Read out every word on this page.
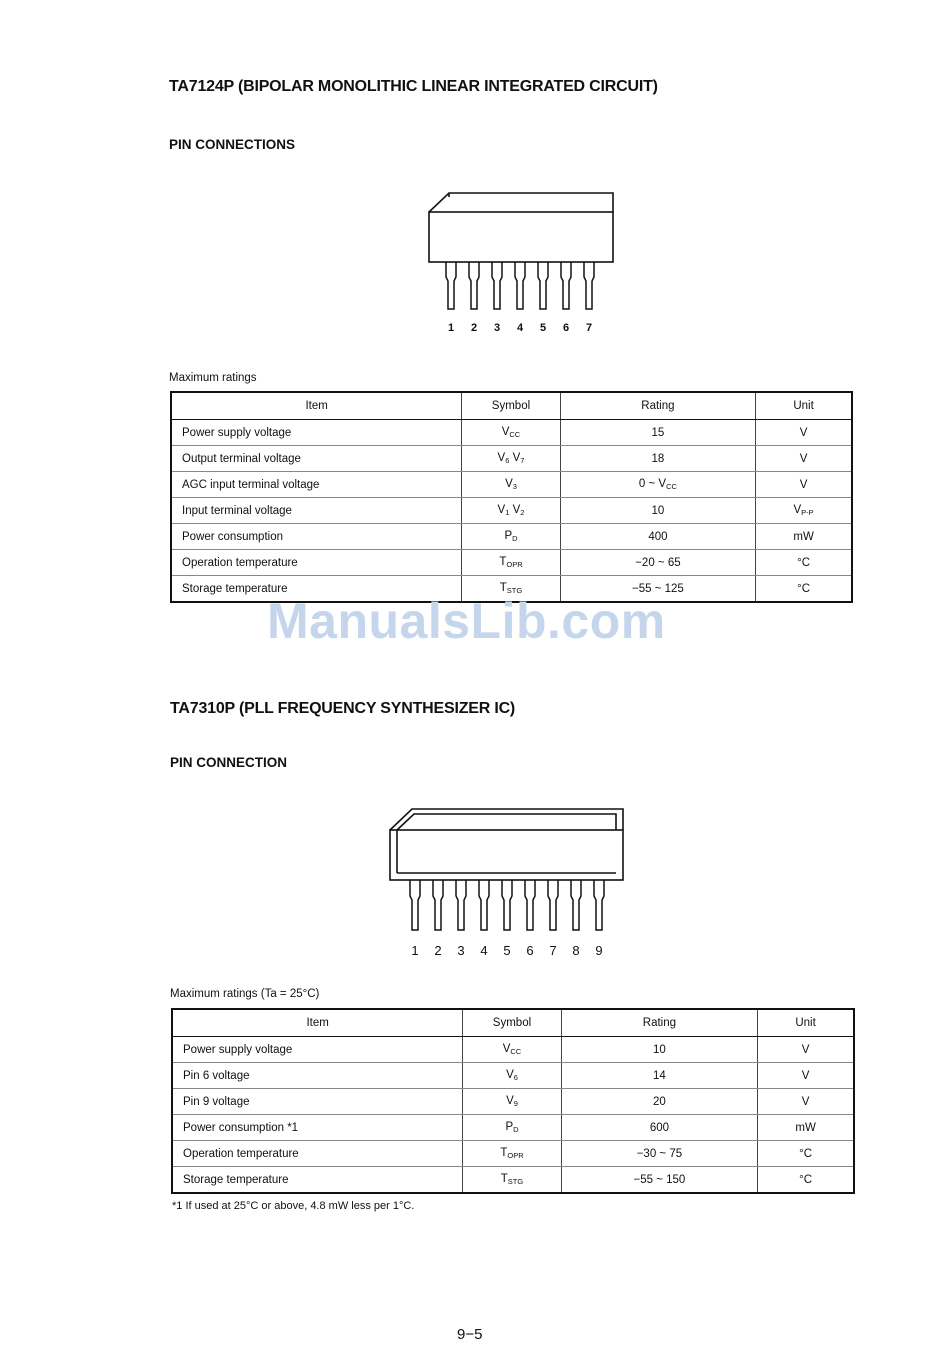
TA7124P (BIPOLAR MONOLITHIC LINEAR INTEGRATED CIRCUIT)
PIN CONNECTIONS
1 2 3 4 5 6 7
Maximum ratings
Item	Symbol	Rating	Unit
Power supply voltage	$V_{CC}$	15	V
Output terminal voltage	$V_6$ $V_7$	18	V
AGC input terminal voltage	$V_3$	0 ~ $V_{CC}$	V
Input terminal voltage	$V_1$ $V_2$	10	$V_{P-P}$
Power consumption	$P_D$	400	mW
Operation temperature	$T_{OPR}$	−20 ~ 65	°C
Storage temperature	$T_{STG}$	−55 ~ 125	°C
ManualsLib.com
TA7310P (PLL FREQUENCY SYNTHESIZER IC)
PIN CONNECTION
1 2 3 4 5 6 7 8 9
Maximum ratings (Ta = 25°C)
Item	Symbol	Rating	Unit
Power supply voltage	$V_{CC}$	10	V
Pin 6 voltage	$V_6$	14	V
Pin 9 voltage	$V_9$	20	V
Power consumption *1	$P_D$	600	mW
Operation temperature	$T_{OPR}$	−30 ~ 75	°C
Storage temperature	$T_{STG}$	−55 ~ 150	°C
*1 If used at 25°C or above, 4.8 mW less per 1°C.
9−5
